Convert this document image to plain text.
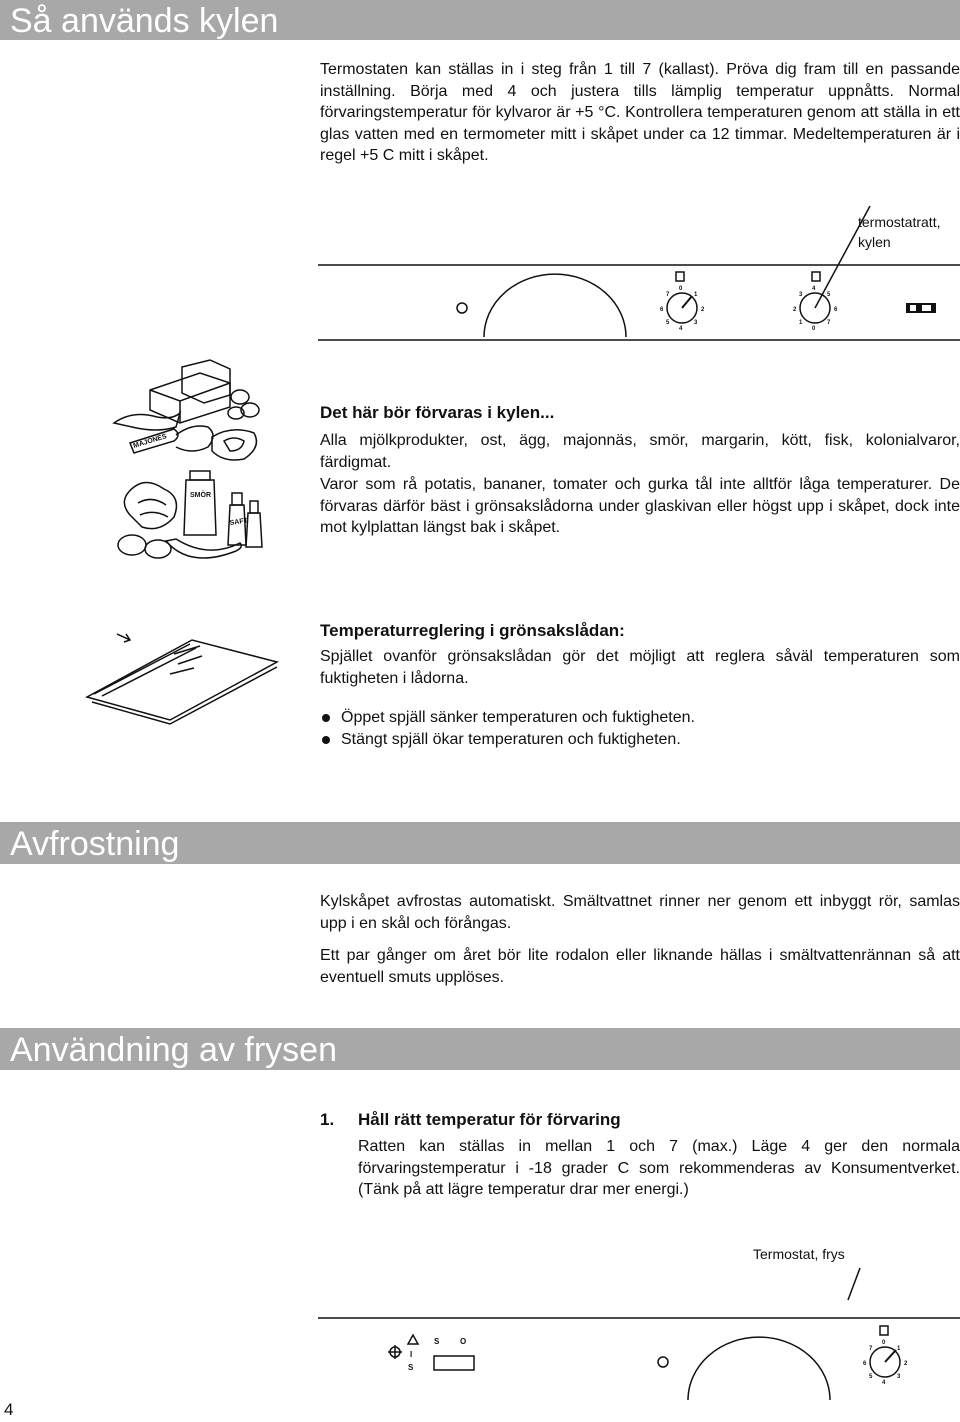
Så används kylen

Termostaten kan ställas in i steg från 1 till 7 (kallast). Pröva dig fram till en passande inställning. Börja med 4 och justera tills lämplig temperatur uppnåtts. Normal förvaringstemperatur för kylvaror är +5 °C. Kontrollera temperaturen genom att ställa in ett glas vatten med en termometer mitt i skåpet under ca 12 timmar. Medeltemperaturen är i regel +5 C mitt i skåpet.

termostatratt,
kylen
0
7	1
6	2
5	3
4
4
3	5
2	6
1	7
0
MAJONES
SMÖR
SAFT
Det här bör förvaras i kylen...

Alla mjölkprodukter, ost, ägg, majonnäs, smör, margarin, kött, fisk, kolonialvaror, färdigmat.

Varor som rå potatis, bananer, tomater och gurka tål inte alltför låga temperaturer. De förvaras därför bäst i grönsakslådorna under glaskivan eller högst upp i skåpet, dock inte mot kylplattan längst bak i skåpet.

Temperaturreglering i grönsakslådan:

Spjället ovanför grönsakslådan gör det möjligt att reglera såväl temperaturen som fuktigheten i lådorna.

Öppet spjäll sänker temperaturen och fuktigheten.
Stängt spjäll ökar temperaturen och fuktigheten.
Avfrostning

Kylskåpet avfrostas automatiskt. Smältvattnet rinner ner genom ett inbyggt rör, samlas upp i en skål och förångas.

Ett par gånger om året bör lite rodalon eller liknande hällas i smältvattenrännan så att eventuell smuts upplöses.

Användning av frysen
1. Håll rätt temperatur för förvaring

Ratten kan ställas in mellan 1 och 7 (max.) Läge 4 ger den normala förvaringstemperatur i -18 grader C som rekommenderas av Konsumentverket. (Tänk på att lägre temperatur drar mer energi.)

Termostat, frys
S	O
I
S
0
7	1
6	2
5	3
4
4
